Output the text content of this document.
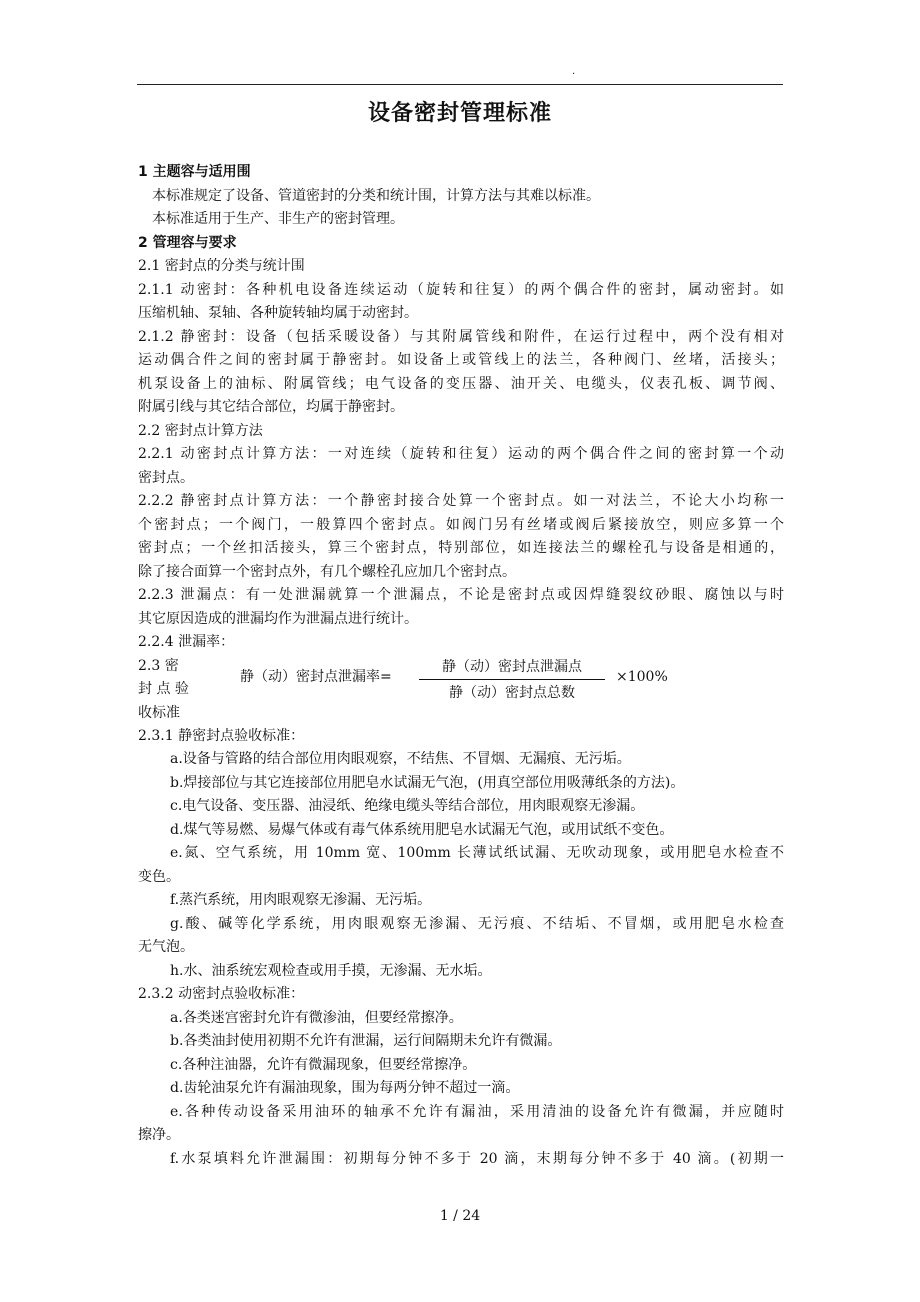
.
设备密封管理标准
1 主题容与适用围
本标准规定了设备、管道密封的分类和统计围，计算方法与其难以标准。
本标准适用于生产、非生产的密封管理。
2 管理容与要求
2.1 密封点的分类与统计围
2.1.1 动密封：各种机电设备连续运动（旋转和往复）的两个偶合件的密封，属动密封。如
压缩机轴、泵轴、各种旋转轴均属于动密封。
2.1.2 静密封：设备（包括采暖设备）与其附属管线和附件，在运行过程中，两个没有相对
运动偶合件之间的密封属于静密封。如设备上或管线上的法兰，各种阀门、丝堵，活接头；
机泵设备上的油标、附属管线；电气设备的变压器、油开关、电缆头，仪表孔板、调节阀、
附属引线与其它结合部位，均属于静密封。
2.2 密封点计算方法
2.2.1 动密封点计算方法：一对连续（旋转和往复）运动的两个偶合件之间的密封算一个动
密封点。
2.2.2 静密封点计算方法：一个静密封接合处算一个密封点。如一对法兰，不论大小均称一
个密封点；一个阀门，一般算四个密封点。如阀门另有丝堵或阀后紧接放空，则应多算一个
密封点；一个丝扣活接头，算三个密封点，特别部位，如连接法兰的螺栓孔与设备是相通的，
除了接合面算一个密封点外，有几个螺栓孔应加几个密封点。
2.2.3 泄漏点：有一处泄漏就算一个泄漏点，不论是密封点或因焊缝裂纹砂眼、腐蚀以与时
其它原因造成的泄漏均作为泄漏点进行统计。
2.2.4 泄漏率：
2.3 密
封 点 验
收标准
静（动）密封点泄漏率=
静（动）密封点泄漏点
静（动）密封点总数
×100%
2.3.1 静密封点验收标准：
a.设备与管路的结合部位用肉眼观察，不结焦、不冒烟、无漏痕、无污垢。
b.焊接部位与其它连接部位用肥皂水试漏无气泡，(用真空部位用吸薄纸条的方法)。
c.电气设备、变压器、油浸纸、绝缘电缆头等结合部位，用肉眼观察无渗漏。
d.煤气等易燃、易爆气体或有毒气体系统用肥皂水试漏无气泡，或用试纸不变色。
e.氮、空气系统，用 10mm 宽、100mm 长薄试纸试漏、无吹动现象，或用肥皂水检查不
变色。
f.蒸汽系统，用肉眼观察无渗漏、无污垢。
g.酸、碱等化学系统，用肉眼观察无渗漏、无污痕、不结垢、不冒烟，或用肥皂水检查
无气泡。
h.水、油系统宏观检查或用手摸，无渗漏、无水垢。
2.3.2 动密封点验收标准：
a.各类迷宫密封允许有微渗油，但要经常擦净。
b.各类油封使用初期不允许有泄漏，运行间隔期未允许有微漏。
c.各种注油器，允许有微漏现象，但要经常擦净。
d.齿轮油泵允许有漏油现象，围为每两分钟不超过一滴。
e.各种传动设备采用油环的轴承不允许有漏油，采用清油的设备允许有微漏，并应随时
擦净。
f.水泵填料允许泄漏围：初期每分钟不多于 20 滴，末期每分钟不多于 40 滴。(初期一
1 / 24
